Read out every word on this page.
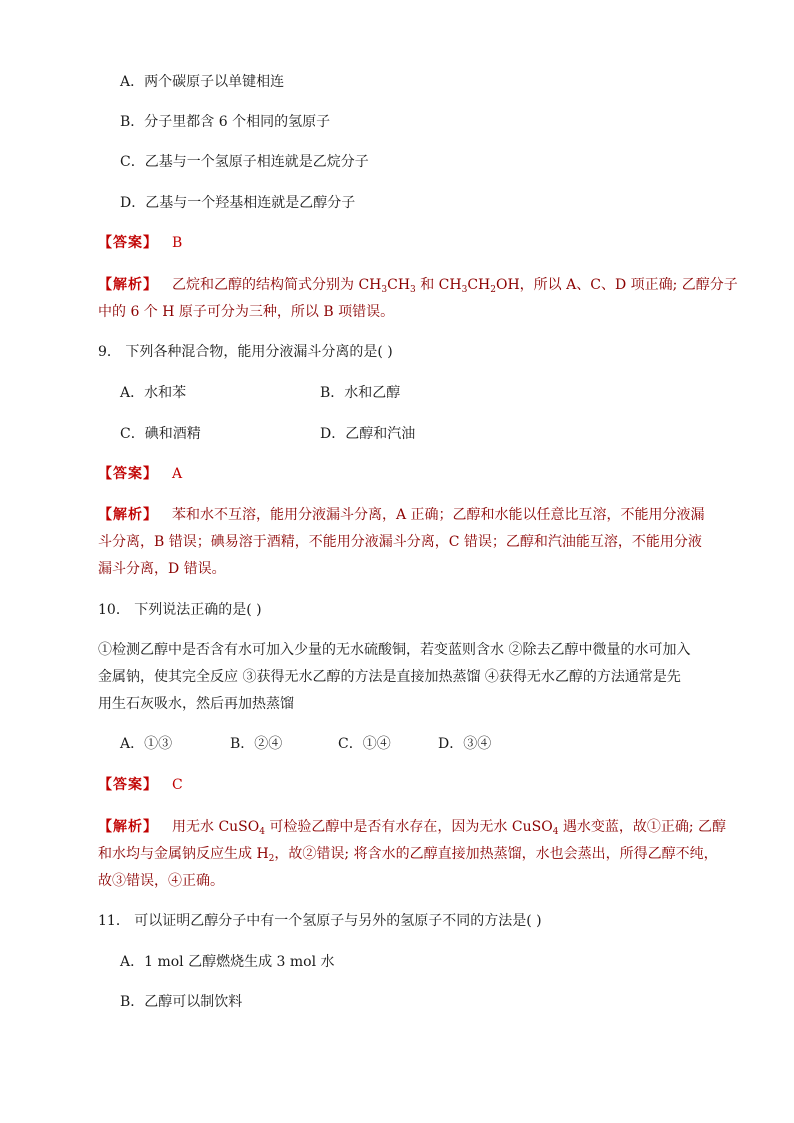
A．两个碳原子以单键相连
B．分子里都含 6 个相同的氢原子
C．乙基与一个氢原子相连就是乙烷分子
D．乙基与一个羟基相连就是乙醇分子
【答案】 B
【解析】 乙烷和乙醇的结构简式分别为 $CH_3CH_3$ 和 $CH_3CH_2OH$，所以 A、C、D 项正确; 乙醇分子
中的 6 个 H 原子可分为三种，所以 B 项错误。
9． 下列各种混合物，能用分液漏斗分离的是( )
A．水和苯	B．水和乙醇
C．碘和酒精	D．乙醇和汽油
【答案】 A
【解析】 苯和水不互溶，能用分液漏斗分离，A 正确；乙醇和水能以任意比互溶，不能用分液漏
斗分离，B 错误；碘易溶于酒精，不能用分液漏斗分离，C 错误；乙醇和汽油能互溶，不能用分液
漏斗分离，D 错误。
10． 下列说法正确的是( )
①检测乙醇中是否含有水可加入少量的无水硫酸铜，若变蓝则含水 ②除去乙醇中微量的水可加入
金属钠，使其完全反应 ③获得无水乙醇的方法是直接加热蒸馏 ④获得无水乙醇的方法通常是先
用生石灰吸水，然后再加热蒸馏
A．①③	B．②④	C．①④	D．③④
【答案】 C
【解析】 用无水 CuSO$_4$ 可检验乙醇中是否有水存在，因为无水 CuSO$_4$ 遇水变蓝，故①正确; 乙醇
和水均与金属钠反应生成 $H_2$，故②错误; 将含水的乙醇直接加热蒸馏，水也会蒸出，所得乙醇不纯，
故③错误，④正确。
11． 可以证明乙醇分子中有一个氢原子与另外的氢原子不同的方法是( )
A．1 mol 乙醇燃烧生成 3 mol 水
B．乙醇可以制饮料
